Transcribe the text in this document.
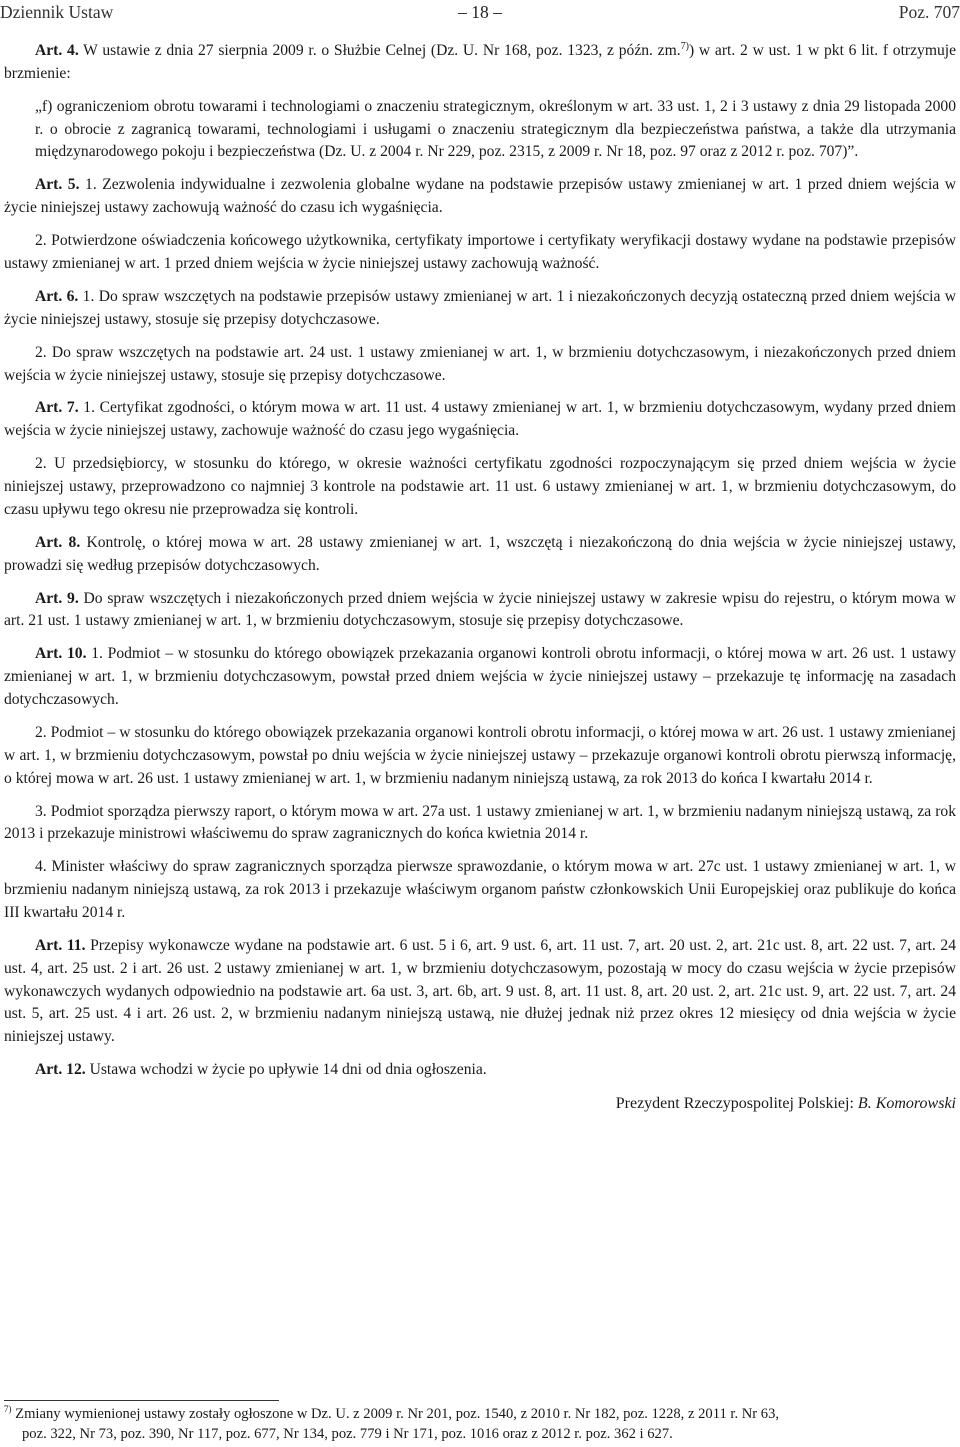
Dziennik Ustaw	– 18 –	Poz. 707

Art. 4. W ustawie z dnia 27 sierpnia 2009 r. o Służbie Celnej (Dz. U. Nr 168, poz. 1323, z późn. zm.$^{7)}$) w art. 2 w ust. 1 w pkt 6 lit. f otrzymuje brzmienie:

„f) ograniczeniom obrotu towarami i technologiami o znaczeniu strategicznym, określonym w art. 33 ust. 1, 2 i 3 ustawy z dnia 29 listopada 2000 r. o obrocie z zagranicą towarami, technologiami i usługami o znaczeniu strategicznym dla bezpieczeństwa państwa, a także dla utrzymania międzynarodowego pokoju i bezpieczeństwa (Dz. U. z 2004 r. Nr 229, poz. 2315, z 2009 r. Nr 18, poz. 97 oraz z 2012 r. poz. 707)”.

Art. 5. 1. Zezwolenia indywidualne i zezwolenia globalne wydane na podstawie przepisów ustawy zmienianej w art. 1 przed dniem wejścia w życie niniejszej ustawy zachowują ważność do czasu ich wygaśnięcia.

2. Potwierdzone oświadczenia końcowego użytkownika, certyfikaty importowe i certyfikaty weryfikacji dostawy wydane na podstawie przepisów ustawy zmienianej w art. 1 przed dniem wejścia w życie niniejszej ustawy zachowują ważność.

Art. 6. 1. Do spraw wszczętych na podstawie przepisów ustawy zmienianej w art. 1 i niezakończonych decyzją ostateczną przed dniem wejścia w życie niniejszej ustawy, stosuje się przepisy dotychczasowe.

2. Do spraw wszczętych na podstawie art. 24 ust. 1 ustawy zmienianej w art. 1, w brzmieniu dotychczasowym, i niezakończonych przed dniem wejścia w życie niniejszej ustawy, stosuje się przepisy dotychczasowe.

Art. 7. 1. Certyfikat zgodności, o którym mowa w art. 11 ust. 4 ustawy zmienianej w art. 1, w brzmieniu dotychczasowym, wydany przed dniem wejścia w życie niniejszej ustawy, zachowuje ważność do czasu jego wygaśnięcia.

2. U przedsiębiorcy, w stosunku do którego, w okresie ważności certyfikatu zgodności rozpoczynającym się przed dniem wejścia w życie niniejszej ustawy, przeprowadzono co najmniej 3 kontrole na podstawie art. 11 ust. 6 ustawy zmienianej w art. 1, w brzmieniu dotychczasowym, do czasu upływu tego okresu nie przeprowadza się kontroli.

Art. 8. Kontrolę, o której mowa w art. 28 ustawy zmienianej w art. 1, wszczętą i niezakończoną do dnia wejścia w życie niniejszej ustawy, prowadzi się według przepisów dotychczasowych.

Art. 9. Do spraw wszczętych i niezakończonych przed dniem wejścia w życie niniejszej ustawy w zakresie wpisu do rejestru, o którym mowa w art. 21 ust. 1 ustawy zmienianej w art. 1, w brzmieniu dotychczasowym, stosuje się przepisy dotychczasowe.

Art. 10. 1. Podmiot – w stosunku do którego obowiązek przekazania organowi kontroli obrotu informacji, o której mowa w art. 26 ust. 1 ustawy zmienianej w art. 1, w brzmieniu dotychczasowym, powstał przed dniem wejścia w życie niniejszej ustawy – przekazuje tę informację na zasadach dotychczasowych.

2. Podmiot – w stosunku do którego obowiązek przekazania organowi kontroli obrotu informacji, o której mowa w art. 26 ust. 1 ustawy zmienianej w art. 1, w brzmieniu dotychczasowym, powstał po dniu wejścia w życie niniejszej ustawy – przekazuje organowi kontroli obrotu pierwszą informację, o której mowa w art. 26 ust. 1 ustawy zmienianej w art. 1, w brzmieniu nadanym niniejszą ustawą, za rok 2013 do końca I kwartału 2014 r.

3. Podmiot sporządza pierwszy raport, o którym mowa w art. 27a ust. 1 ustawy zmienianej w art. 1, w brzmieniu nadanym niniejszą ustawą, za rok 2013 i przekazuje ministrowi właściwemu do spraw zagranicznych do końca kwietnia 2014 r.

4. Minister właściwy do spraw zagranicznych sporządza pierwsze sprawozdanie, o którym mowa w art. 27c ust. 1 ustawy zmienianej w art. 1, w brzmieniu nadanym niniejszą ustawą, za rok 2013 i przekazuje właściwym organom państw członkowskich Unii Europejskiej oraz publikuje do końca III kwartału 2014 r.

Art. 11. Przepisy wykonawcze wydane na podstawie art. 6 ust. 5 i 6, art. 9 ust. 6, art. 11 ust. 7, art. 20 ust. 2, art. 21c ust. 8, art. 22 ust. 7, art. 24 ust. 4, art. 25 ust. 2 i art. 26 ust. 2 ustawy zmienianej w art. 1, w brzmieniu dotychczasowym, pozostają w mocy do czasu wejścia w życie przepisów wykonawczych wydanych odpowiednio na podstawie art. 6a ust. 3, art. 6b, art. 9 ust. 8, art. 11 ust. 8, art. 20 ust. 2, art. 21c ust. 9, art. 22 ust. 7, art. 24 ust. 5, art. 25 ust. 4 i art. 26 ust. 2, w brzmieniu nadanym niniejszą ustawą, nie dłużej jednak niż przez okres 12 miesięcy od dnia wejścia w życie niniejszej ustawy.

Art. 12. Ustawa wchodzi w życie po upływie 14 dni od dnia ogłoszenia.

Prezydent Rzeczypospolitej Polskiej: B. Komorowski

$^{7)}$ Zmiany wymienionej ustawy zostały ogłoszone w Dz. U. z 2009 r. Nr 201, poz. 1540, z 2010 r. Nr 182, poz. 1228, z 2011 r. Nr 63,
poz. 322, Nr 73, poz. 390, Nr 117, poz. 677, Nr 134, poz. 779 i Nr 171, poz. 1016 oraz z 2012 r. poz. 362 i 627.
